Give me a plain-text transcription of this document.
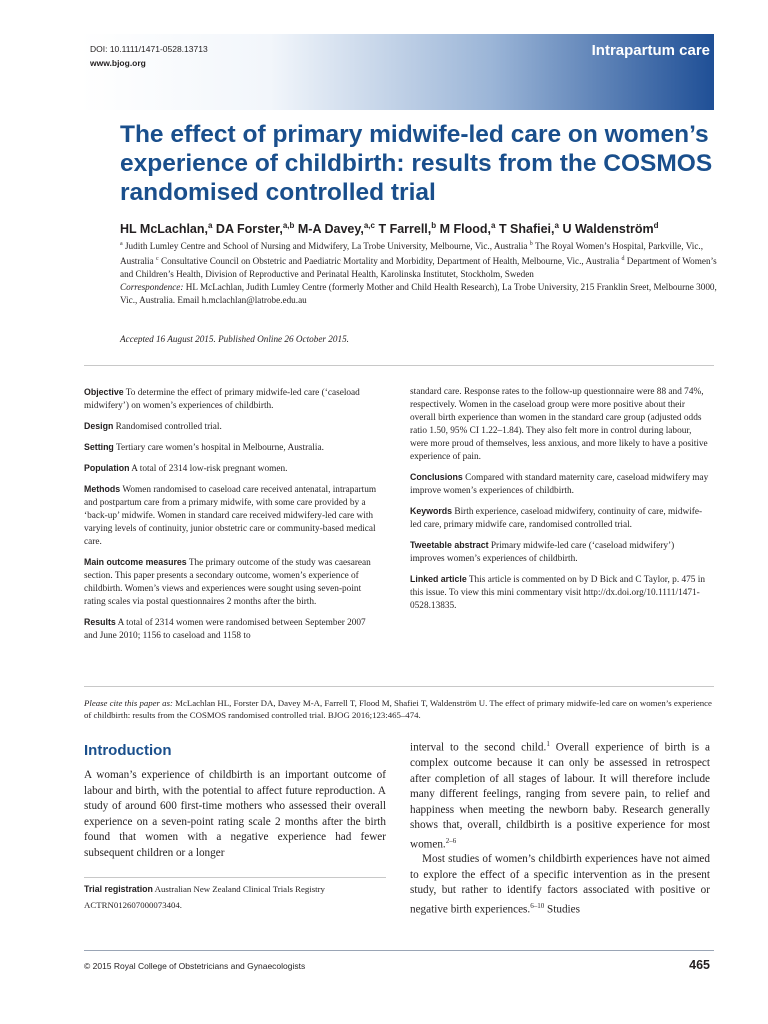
DOI: 10.1111/1471-0528.13713
www.bjog.org
Intrapartum care
The effect of primary midwife-led care on women’s experience of childbirth: results from the COSMOS randomised controlled trial
HL McLachlan,$^a$ DA Forster,$^{a,b}$ M-A Davey,$^{a,c}$ T Farrell,$^b$ M Flood,$^a$ T Shafiei,$^a$ U Waldenström$^d$
$^a$ Judith Lumley Centre and School of Nursing and Midwifery, La Trobe University, Melbourne, Vic., Australia $^b$ The Royal Women’s Hospital, Parkville, Vic., Australia $^c$ Consultative Council on Obstetric and Paediatric Mortality and Morbidity, Department of Health, Melbourne, Vic., Australia $^d$ Department of Women’s and Children’s Health, Division of Reproductive and Perinatal Health, Karolinska Institutet, Stockholm, Sweden
Correspondence: HL McLachlan, Judith Lumley Centre (formerly Mother and Child Health Research), La Trobe University, 215 Franklin Sreet, Melbourne 3000, Vic., Australia. Email h.mclachlan@latrobe.edu.au
Accepted 16 August 2015. Published Online 26 October 2015.

Objective To determine the effect of primary midwife-led care (‘caseload midwifery’) on women’s experiences of childbirth.

Design Randomised controlled trial.

Setting Tertiary care women’s hospital in Melbourne, Australia.

Population A total of 2314 low-risk pregnant women.

Methods Women randomised to caseload care received antenatal, intrapartum and postpartum care from a primary midwife, with some care provided by a ‘back-up’ midwife. Women in standard care received midwifery-led care with varying levels of continuity, junior obstetric care or community-based medical care.

Main outcome measures The primary outcome of the study was caesarean section. This paper presents a secondary outcome, women’s experience of childbirth. Women’s views and experiences were sought using seven-point rating scales via postal questionnaires 2 months after the birth.

Results A total of 2314 women were randomised between September 2007 and June 2010; 1156 to caseload and 1158 to

standard care. Response rates to the follow-up questionnaire were 88 and 74%, respectively. Women in the caseload group were more positive about their overall birth experience than women in the standard care group (adjusted odds ratio 1.50, 95% CI 1.22–1.84). They also felt more in control during labour, were more proud of themselves, less anxious, and more likely to have a positive experience of pain.

Conclusions Compared with standard maternity care, caseload midwifery may improve women’s experiences of childbirth.

Keywords Birth experience, caseload midwifery, continuity of care, midwife-led care, primary midwife care, randomised controlled trial.

Tweetable abstract Primary midwife-led care (‘caseload midwifery’) improves women’s experiences of childbirth.

Linked article This article is commented on by D Bick and C Taylor, p. 475 in this issue. To view this mini commentary visit http://dx.doi.org/10.1111/1471-0528.13835.

Please cite this paper as: McLachlan HL, Forster DA, Davey M-A, Farrell T, Flood M, Shafiei T, Waldenström U. The effect of primary midwife-led care on women’s experience of childbirth: results from the COSMOS randomised controlled trial. BJOG 2016;123:465–474.
Introduction
A woman’s experience of childbirth is an important outcome of labour and birth, with the potential to affect future reproduction. A study of around 600 first-time mothers who assessed their overall experience on a seven-point rating scale 2 months after the birth found that women with a negative experience had fewer subsequent children or a longer
interval to the second child.$^1$ Overall experience of birth is a complex outcome because it can only be assessed in retrospect after completion of all stages of labour. It will therefore include many different feelings, ranging from severe pain, to relief and happiness when meeting the newborn baby. Research generally shows that, overall, childbirth is a positive experience for most women.$^{2-6}$
Most studies of women’s childbirth experiences have not aimed to explore the effect of a specific intervention as in the present study, but rather to identify factors associated with positive or negative birth experiences.$^{6-10}$ Studies
Trial registration Australian New Zealand Clinical Trials Registry ACTRN012607000073404.
© 2015 Royal College of Obstetricians and Gynaecologists	465
